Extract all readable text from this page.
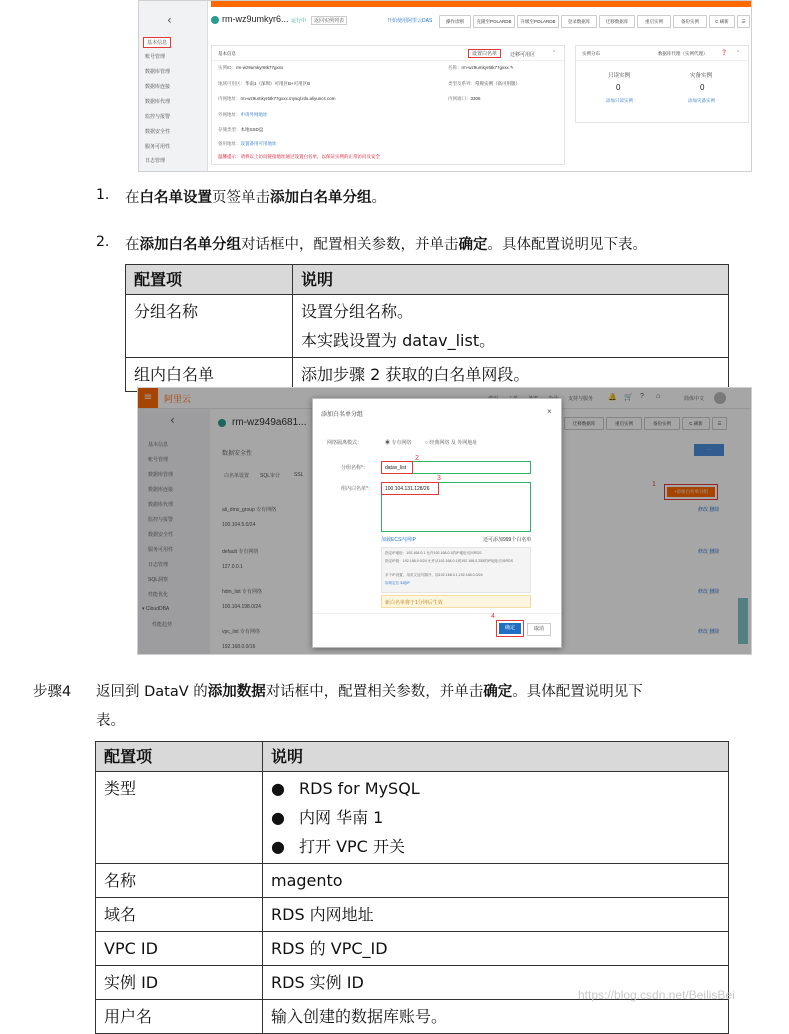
‹
基本信息
账号管理
数据库管理
数据库连接
数据库代理
监控与报警
数据安全性
服务可用性
日志管理
rm-wz9umkyr6... 运行中	返回实例列表	开始使用阿里云DAS	操作诊断	克隆至POLARDB	升级至POLARDB	登录数据库	迁移数据库	重启实例	备份实例	C 刷新	☰
基本信息	设置白名单	迁移可用区	⌃
实例ID：rm-wz9umkyr6tk77gxxx
地域可用区：华南1（深圳）可用区B+可用区B
内网地址：rm-wz9umkyr6tk77gxxx.mysql.rds.aliyuncs.com
外网地址：申请外网地址
存储类型：本地SSD盘
备用地址：设置备用可用地址
温馨提示：请将以上访问链接地址通过设置白名单，以保证实例的正常访问及安全
名称：rm-wz9umkyr6tk77gxxx ✎
类型及系列：常规实例（高可用版）
内网端口：3306
实例分布	数据库代理（实例代理）	❓ ⌃
只读实例
0
添加只读实例
灾备实例
0
添加灾备实例
1. 在白名单设置页签单击添加白名单分组。
2. 在添加白名单分组对话框中，配置相关参数，并单击确定。具体配置说明见下表。
配置项	说明

分组名称	设置分组名称。
本实践设置为 datav_list。

组内白名单	添加步骤 2 获取的白名单网段。
≡	阿里云	支持与服务 🔔 🛒 ? ⌂	简体中文
‹
基本信息
账号管理
数据库管理
数据库连接
数据库代理
监控与报警
数据安全性
服务可用性
日志管理
SQL洞察
性能优化
▾ CloudDBA
性能趋势
rm-wz949a681...	迁移数据库	重启实例	备份实例	C 刷新	☰
数据安全性
白名单设置 SQL审计	SSL
···
+添加白名单分组
1
ali_dms_group 专有网络
100.104.5.0/24
default 专有网络
127.0.0.1
hdm_list 专有网络
100.104.198.0/24
vpc_list 专有网络
192.168.0.0/16
修改 删除
修改 删除
修改 删除
修改 删除
添加白名单分组	×
网络隔离模式：	◉ 专有网络	○ 经典网络 及 外网地址
分组名称*：	datav_list
2
组内白名单*： 100.104.131.128/26
3
加载ECS内网IP	还可添加999个白名单
指定IP地址：192.168.0.1 允许192.168.0.1的IP地址访问RDS
指定IP段：192.168.0.0/24 允许从192.168.0.1到192.168.0.255的IP地址访问RDS
多个IP设置，用英文逗号隔开，如192.168.0.1,192.168.0.0/24
如何定位本地IP
新白名单将于1分钟后生效
确定
4
取消
步骤4 返回到 DataV 的添加数据对话框中，配置相关参数，并单击确定。具体配置说明见下
表。
配置项	说明

类型	● RDS for MySQL
● 内网 华南 1
● 打开 VPC 开关

名称	magento

域名	RDS 内网地址

VPC ID	RDS 的 VPC_ID

实例 ID	RDS 实例 ID

用户名	输入创建的数据库账号。
https://blog.csdn.net/BeilisBei
